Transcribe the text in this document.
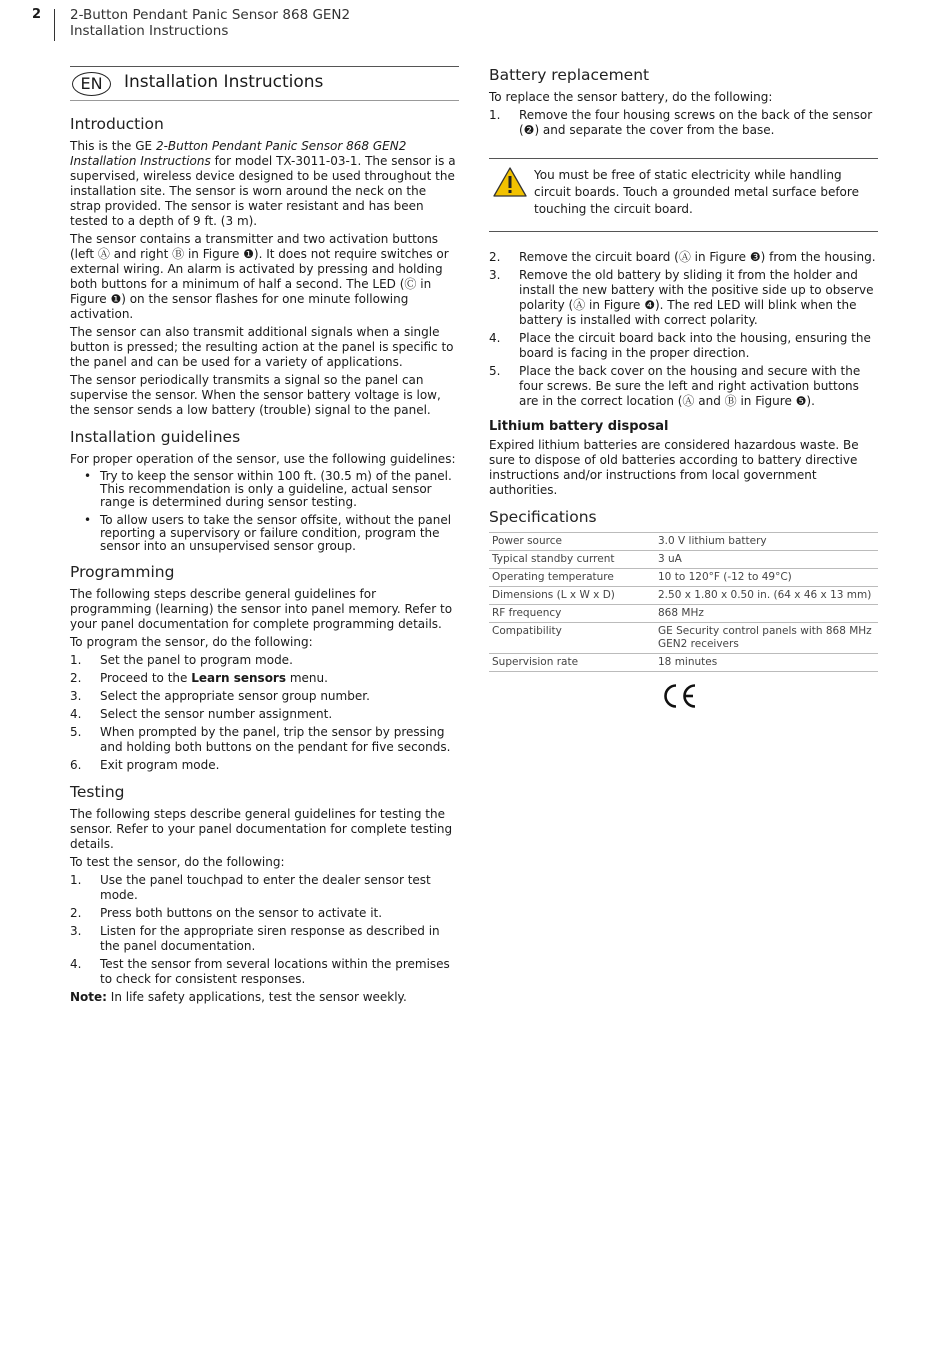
2 2-Button Pendant Panic Sensor 868 GEN2
Installation Instructions
EN	Installation Instructions
Introduction

This is the GE 2-Button Pendant Panic Sensor 868 GEN2 Installation Instructions for model TX-3011-03-1. The sensor is a supervised, wireless device designed to be used throughout the installation site. The sensor is worn around the neck on the strap provided. The sensor is water resistant and has been tested to a depth of 9 ft. (3 m).

The sensor contains a transmitter and two activation buttons (left Ⓐ and right Ⓑ in Figure ❶). It does not require switches or external wiring. An alarm is activated by pressing and holding both buttons for a minimum of half a second. The LED (Ⓒ in Figure ❶) on the sensor flashes for one minute following activation.

The sensor can also transmit additional signals when a single button is pressed; the resulting action at the panel is specific to the panel and can be used for a variety of applications.

The sensor periodically transmits a signal so the panel can supervise the sensor. When the sensor battery voltage is low, the sensor sends a low battery (trouble) signal to the panel.

Installation guidelines

For proper operation of the sensor, use the following guidelines:

• Try to keep the sensor within 100 ft. (30.5 m) of the panel. This recommendation is only a guideline, actual sensor range is determined during sensor testing.
• To allow users to take the sensor offsite, without the panel reporting a supervisory or failure condition, program the sensor into an unsupervised sensor group.
Programming

The following steps describe general guidelines for programming (learning) the sensor into panel memory. Refer to your panel documentation for complete programming details.

To program the sensor, do the following:

1.	Set the panel to program mode.
2.	Proceed to the Learn sensors menu.
3.	Select the appropriate sensor group number.
4.	Select the sensor number assignment.
5.	When prompted by the panel, trip the sensor by pressing and holding both buttons on the pendant for five seconds.
6.	Exit program mode.
Testing

The following steps describe general guidelines for testing the sensor. Refer to your panel documentation for complete testing details.

To test the sensor, do the following:

1.	Use the panel touchpad to enter the dealer sensor test mode.
2.	Press both buttons on the sensor to activate it.
3.	Listen for the appropriate siren response as described in the panel documentation.
4.	Test the sensor from several locations within the premises to check for consistent responses.

Note: In life safety applications, test the sensor weekly.

Battery replacement

To replace the sensor battery, do the following:

1.	Remove the four housing screws on the back of the sensor (❷) and separate the cover from the base.
You must be free of static electricity while handling circuit boards. Touch a grounded metal surface before touching the circuit board.
2.	Remove the circuit board (Ⓐ in Figure ❸) from the housing.
3.	Remove the old battery by sliding it from the holder and install the new battery with the positive side up to observe polarity (Ⓐ in Figure ❹). The red LED will blink when the battery is installed with correct polarity.
4.	Place the circuit board back into the housing, ensuring the board is facing in the proper direction.
5.	Place the back cover on the housing and secure with the four screws. Be sure the left and right activation buttons are in the correct location (Ⓐ and Ⓑ in Figure ❺).
Lithium battery disposal

Expired lithium batteries are considered hazardous waste. Be sure to dispose of old batteries according to battery directive instructions and/or instructions from local government authorities.

Specifications
Power source	3.0 V lithium battery
Typical standby current	3 uA
Operating temperature	10 to 120°F (-12 to 49°C)
Dimensions (L x W x D)	2.50 x 1.80 x 0.50 in. (64 x 46 x 13 mm)
RF frequency	868 MHz
Compatibility	GE Security control panels with 868 MHz GEN2 receivers
Supervision rate	18 minutes
